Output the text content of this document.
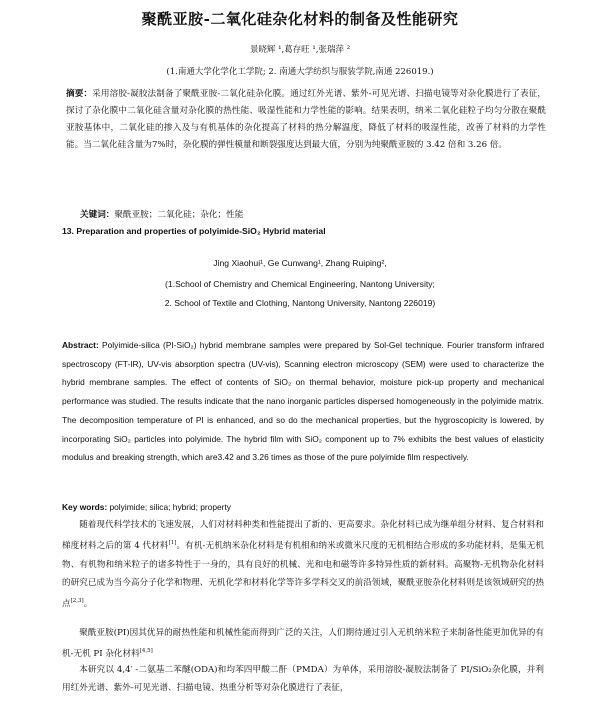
聚酰亚胺-二氧化硅杂化材料的制备及性能研究
景晓辉 ¹,葛存旺 ¹,张瑞萍 ²
(1.南通大学化学化工学院; 2. 南通大学纺织与服装学院,南通 226019.)

摘要：采用溶胶-凝胶法制备了聚酰亚胺-二氧化硅杂化膜。通过红外光谱、紫外-可见光谱、扫描电镜等对杂化膜进行了表征，探讨了杂化膜中二氧化硅含量对杂化膜的热性能、吸湿性能和力学性能的影响。结果表明，纳米二氧化硅粒子均匀分散在聚酰亚胺基体中，二氧化硅的掺入及与有机基体的杂化提高了材料的热分解温度，降低了材料的吸湿性能，改善了材料的力学性能。当二氧化硅含量为7%时，杂化膜的弹性模量和断裂强度达到最大值，分别为纯聚酰亚胺的 3.42 倍和 3.26 倍。

关键词：聚酰亚胺；二氧化硅；杂化；性能
13. Preparation and properties of polyimide-SiO₂ Hybrid material
Jing Xiaohui¹, Ge Cunwang¹, Zhang Ruiping²,
(1.School of Chemistry and Chemical Engineering, Nantong University;
2. School of Textile and Clothing, Nantong University, Nantong 226019)

Abstract: Polyimide-silica (PI-SiO₂) hybrid membrane samples were prepared by Sol-Gel technique. Fourier transform infrared spectroscopy (FT-IR), UV-vis absorption spectra (UV-vis), Scanning electron microscopy (SEM) were used to characterize the hybrid membrane samples. The effect of contents of SiO₂ on thermal behavior, moisture pick-up property and mechanical performance was studied. The results indicate that the nano inorganic particles dispersed homogeneously in the polyimide matrix. The decomposition temperature of PI is enhanced, and so do the mechanical properties, but the hygroscopicity is lowered, by incorporating SiO₂ particles into polyimide. The hybrid film with SiO₂ component up to 7% exhibits the best values of elasticity modulus and breaking strength, which are3.42 and 3.26 times as those of the pure polyimide film respectively.

Key words: polyimide; silica; hybrid; property

随着现代科学技术的飞速发展，人们对材料种类和性能提出了新的、更高要求。杂化材料已成为继单组分材料、复合材料和梯度材料之后的第 4 代材料[1]。有机-无机纳米杂化材料是有机相和纳米或微米尺度的无机相结合形成的多功能材料，是集无机物、有机物和纳米粒子的诸多特性于一身的，具有良好的机械、光和电和磁等许多特异性质的新材料。高聚物-无机物杂化材料的研究已成为当今高分子化学和物理、无机化学和材料化学等许多学科交叉的前沿领域，聚酰亚胺杂化材料则是该领域研究的热点[2,3]。

聚酰亚胺(PI)因其优异的耐热性能和机械性能而得到广泛的关注，人们期待通过引入无机纳米粒子来制备性能更加优异的有机-无机 PI 杂化材料[4,5]

本研究以 4,4′ -二氨基二苯醚(ODA)和均苯四甲酸二酐（PMDA）为单体，采用溶胶-凝胶法制备了 PI/SiO₂杂化膜，并利用红外光谱、紫外-可见光谱、扫描电镜、热重分析等对杂化膜进行了表征，
